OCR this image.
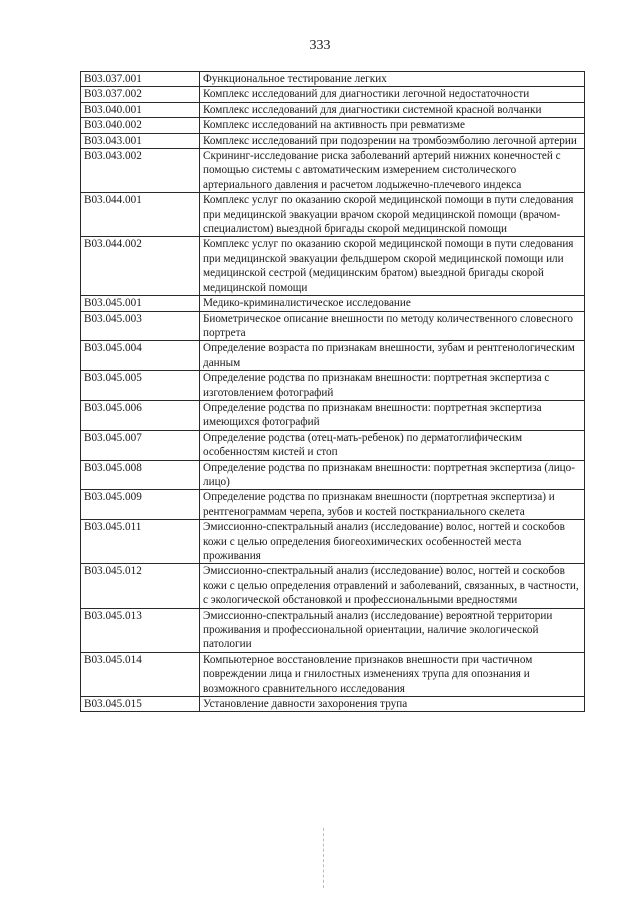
333
B03.037.001	Функциональное тестирование легких
B03.037.002	Комплекс исследований для диагностики легочной недостаточности
B03.040.001	Комплекс исследований для диагностики системной красной волчанки
B03.040.002	Комплекс исследований на активность при ревматизме
B03.043.001	Комплекс исследований при подозрении на тромбоэмболию легочной артерии
B03.043.002	Скрининг-исследование риска заболеваний артерий нижних конечностей с помощью системы с автоматическим измерением систолического артериального давления и расчетом лодыжечно-плечевого индекса
B03.044.001	Комплекс услуг по оказанию скорой медицинской помощи в пути следования при медицинской эвакуации врачом скорой медицинской помощи (врачом-специалистом) выездной бригады скорой медицинской помощи
B03.044.002	Комплекс услуг по оказанию скорой медицинской помощи в пути следования при медицинской эвакуации фельдшером скорой медицинской помощи или медицинской сестрой (медицинским братом) выездной бригады скорой медицинской помощи
B03.045.001	Медико-криминалистическое исследование
B03.045.003	Биометрическое описание внешности по методу количественного словесного портрета
B03.045.004	Определение возраста по признакам внешности, зубам и рентгенологическим данным
B03.045.005	Определение родства по признакам внешности: портретная экспертиза с изготовлением фотографий
B03.045.006	Определение родства по признакам внешности: портретная экспертиза имеющихся фотографий
B03.045.007	Определение родства (отец-мать-ребенок) по дерматоглифическим особенностям кистей и стоп
B03.045.008	Определение родства по признакам внешности: портретная экспертиза (лицо-лицо)
B03.045.009	Определение родства по признакам внешности (портретная экспертиза) и рентгенограммам черепа, зубов и костей посткраниального скелета
B03.045.011	Эмиссионно-спектральный анализ (исследование) волос, ногтей и соскобов кожи с целью определения биогеохимических особенностей места проживания
B03.045.012	Эмиссионно-спектральный анализ (исследование) волос, ногтей и соскобов кожи с целью определения отравлений и заболеваний, связанных, в частности, с экологической обстановкой и профессиональными вредностями
B03.045.013	Эмиссионно-спектральный анализ (исследование) вероятной территории проживания и профессиональной ориентации, наличие экологической патологии
B03.045.014	Компьютерное восстановление признаков внешности при частичном повреждении лица и гнилостных изменениях трупа для опознания и возможного сравнительного исследования
B03.045.015	Установление давности захоронения трупа
